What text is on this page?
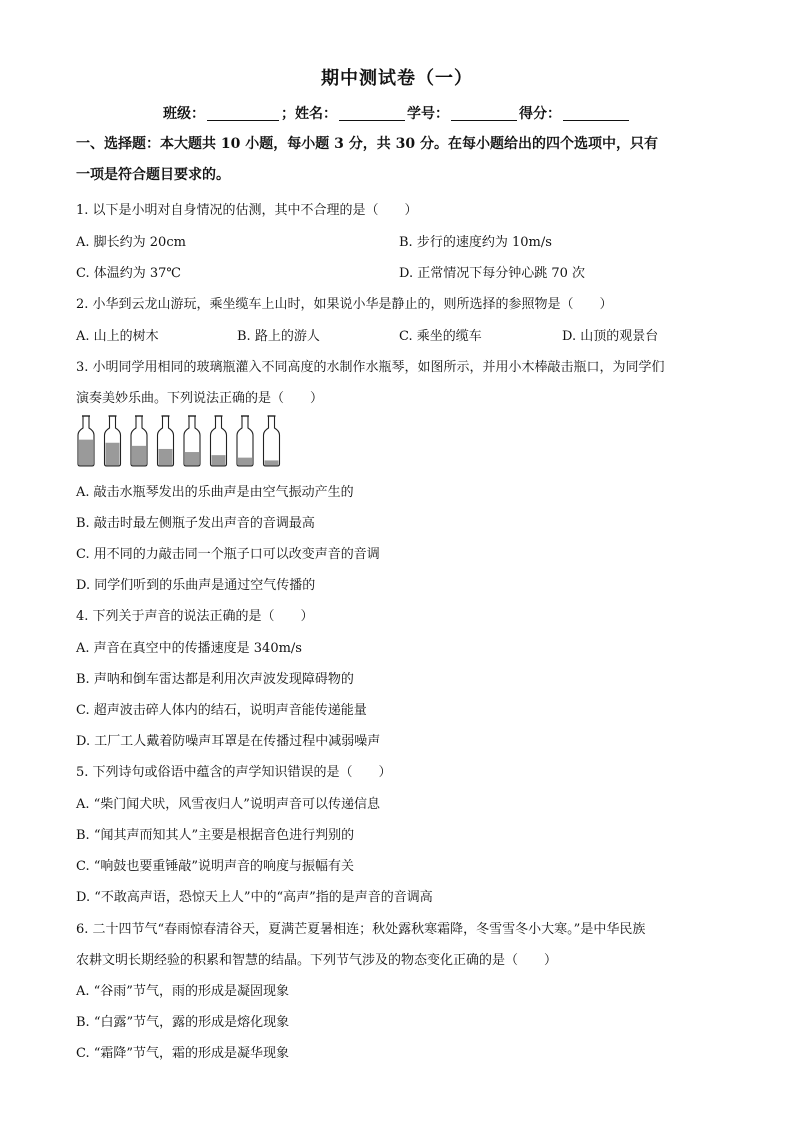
期中测试卷（一）
班级：	；姓名：	学号：	得分：
一、选择题：本大题共 10 小题，每小题 3 分，共 30 分。在每小题给出的四个选项中，只有
一项是符合题目要求的。
1. 以下是小明对自身情况的估测，其中不合理的是（　　）
A. 脚长约为 20cm	B. 步行的速度约为 10m/s
C. 体温约为 37℃	D. 正常情况下每分钟心跳 70 次
2. 小华到云龙山游玩，乘坐缆车上山时，如果说小华是静止的，则所选择的参照物是（　　）
A. 山上的树木	B. 路上的游人	C. 乘坐的缆车	D. 山顶的观景台
3. 小明同学用相同的玻璃瓶灌入不同高度的水制作水瓶琴，如图所示，并用小木棒敲击瓶口，为同学们
演奏美妙乐曲。下列说法正确的是（　　）
A. 敲击水瓶琴发出的乐曲声是由空气振动产生的
B. 敲击时最左侧瓶子发出声音的音调最高
C. 用不同的力敲击同一个瓶子口可以改变声音的音调
D. 同学们听到的乐曲声是通过空气传播的
4. 下列关于声音的说法正确的是（　　）
A. 声音在真空中的传播速度是 340m/s
B. 声呐和倒车雷达都是利用次声波发现障碍物的
C. 超声波击碎人体内的结石，说明声音能传递能量
D. 工厂工人戴着防噪声耳罩是在传播过程中减弱噪声
5. 下列诗句或俗语中蕴含的声学知识错误的是（　　）
A. “柴门闻犬吠，风雪夜归人”说明声音可以传递信息
B. “闻其声而知其人”主要是根据音色进行判别的
C. “响鼓也要重锤敲”说明声音的响度与振幅有关
D. “不敢高声语，恐惊天上人”中的“高声”指的是声音的音调高
6. 二十四节气“春雨惊春清谷天，夏满芒夏暑相连；秋处露秋寒霜降，冬雪雪冬小大寒。”是中华民族
农耕文明长期经验的积累和智慧的结晶。下列节气涉及的物态变化正确的是（　　）
A. “谷雨”节气，雨的形成是凝固现象
B. “白露”节气，露的形成是熔化现象
C. “霜降”节气，霜的形成是凝华现象
